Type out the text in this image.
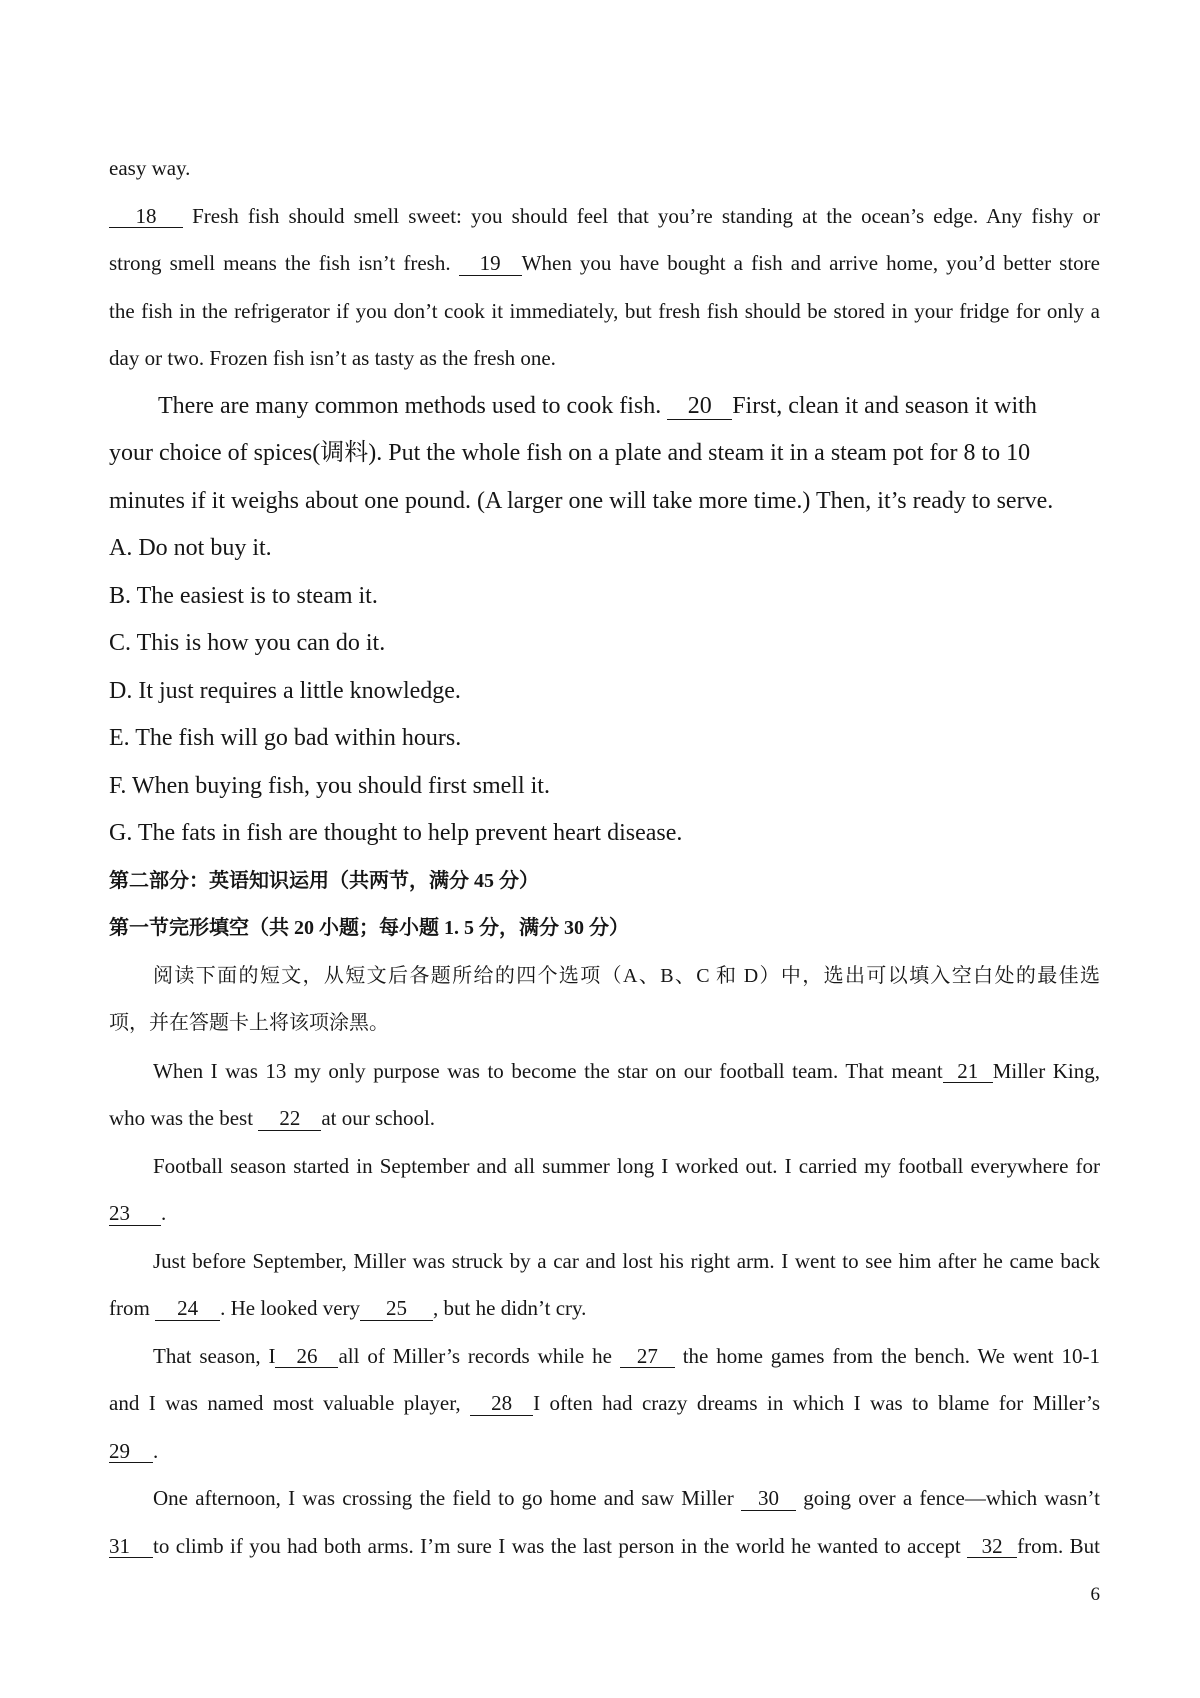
easy way.
18 Fresh fish should smell sweet: you should feel that you’re standing at the ocean’s edge. Any fishy or
strong smell means the fish isn’t fresh. 19 When you have bought a fish and arrive home, you’d better store
the fish in the refrigerator if you don’t cook it immediately, but fresh fish should be stored in your fridge for only a
day or two. Frozen fish isn’t as tasty as the fresh one.
There are many common methods used to cook fish. 20 First, clean it and season it with
your choice of spices(调料). Put the whole fish on a plate and steam it in a steam pot for 8 to 10
minutes if it weighs about one pound. (A larger one will take more time.) Then, it’s ready to serve.
A. Do not buy it.
B. The easiest is to steam it.
C. This is how you can do it.
D. It just requires a little knowledge.
E. The fish will go bad within hours.
F. When buying fish, you should first smell it.
G. The fats in fish are thought to help prevent heart disease.
第二部分：英语知识运用（共两节，满分 45 分）
第一节完形填空（共 20 小题；每小题 1. 5 分，满分 30 分）
阅读下面的短文，从短文后各题所给的四个选项（A、B、C 和 D）中，选出可以填入空白处的最佳选
项，并在答题卡上将该项涂黑。
When I was 13 my only purpose was to become the star on our football team. That meant 21 Miller King,
who was the best 22 at our school.
Football season started in September and all summer long I worked out. I carried my football everywhere for
23 .
Just before September, Miller was struck by a car and lost his right arm. I went to see him after he came back
from 24 . He looked very 25 , but he didn’t cry.
That season, I 26 all of Miller’s records while he 27 the home games from the bench. We went 10-1
and I was named most valuable player, 28 I often had crazy dreams in which I was to blame for Miller’s
29 .
One afternoon, I was crossing the field to go home and saw Miller 30 going over a fence—which wasn’t
31 to climb if you had both arms. I’m sure I was the last person in the world he wanted to accept 32 from. But
6
